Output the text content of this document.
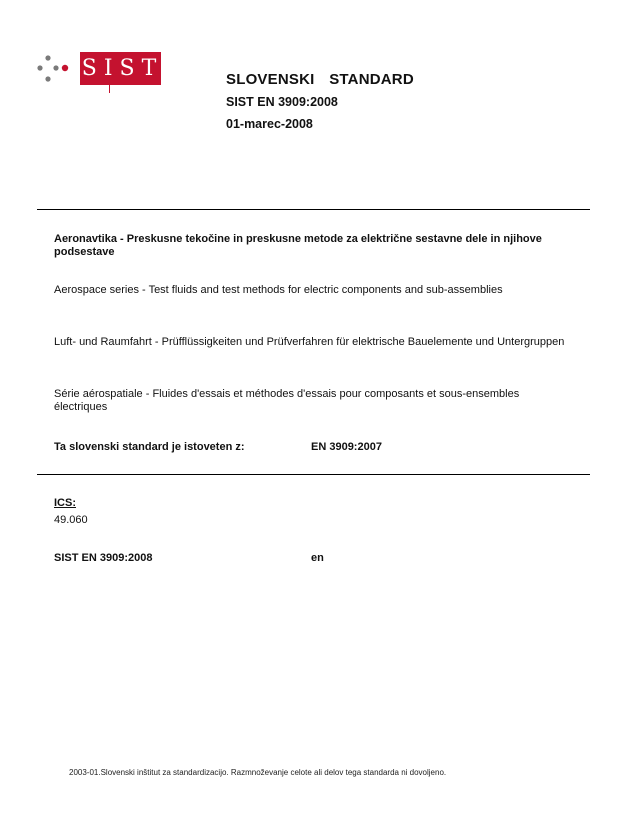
SIST	SLOVENSKI  STANDARD
SIST EN 3909:2008
01-marec-2008
Aeronavtika - Preskusne tekočine in preskusne metode za električne sestavne dele in njihove podsestave
Aerospace series - Test fluids and test methods for electric components and sub-assemblies
Luft- und Raumfahrt - Prüfflüssigkeiten und Prüfverfahren für elektrische Bauelemente und Untergruppen
Série aérospatiale - Fluides d'essais et méthodes d'essais pour composants et sous-ensembles électriques
Ta slovenski standard je istoveten z:	EN 3909:2007
ICS:
49.060
SIST EN 3909:2008	en
2003-01.Slovenski inštitut za standardizacijo. Razmnoževanje celote ali delov tega standarda ni dovoljeno.
